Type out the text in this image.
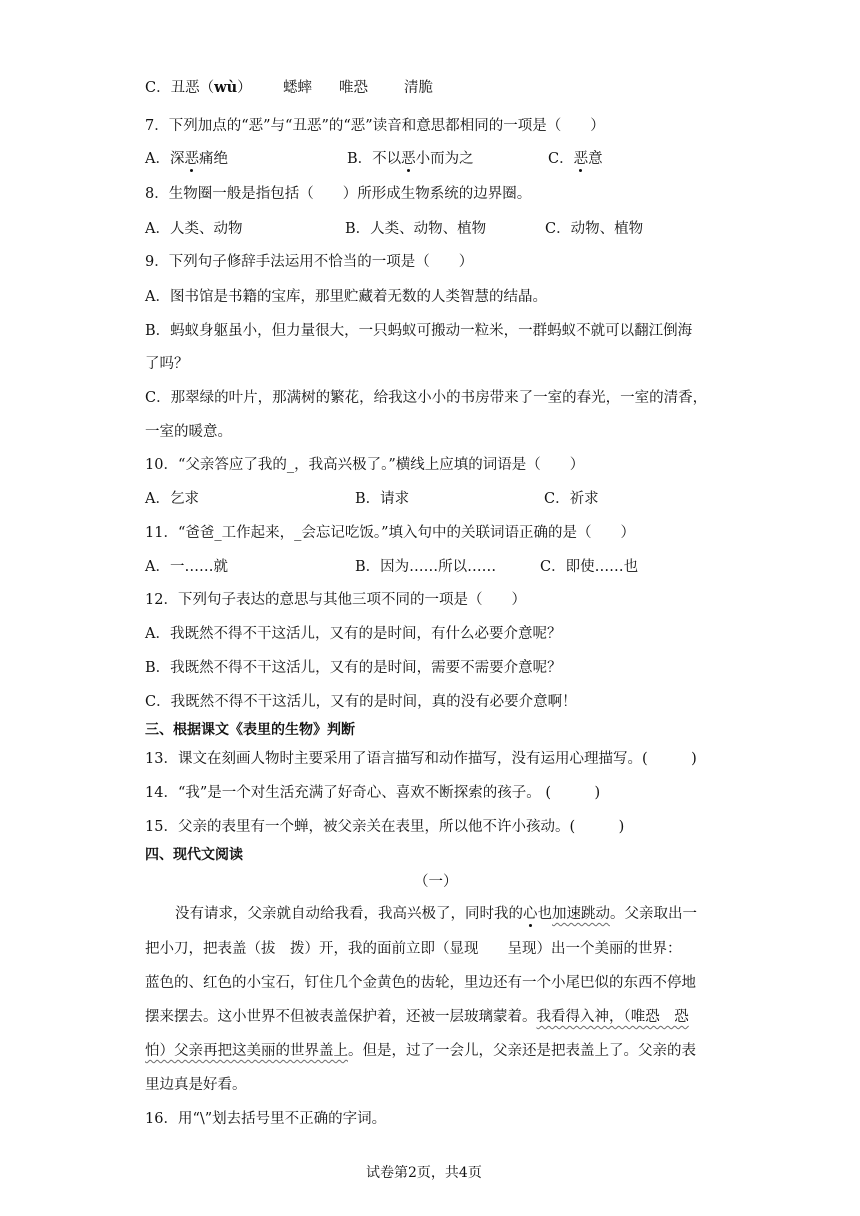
C．丑恶（wù） 蟋蟀 唯恐 清脆
7．下列加点的“恶”与“丑恶”的“恶”读音和意思都相同的一项是（　　）
A．深恶痛绝	B．不以恶小而为之	C．恶意
8．生物圈一般是指包括（　　）所形成生物系统的边界圈。
A．人类、动物	B．人类、动物、植物	C．动物、植物
9．下列句子修辞手法运用不恰当的一项是（　　）
A．图书馆是书籍的宝库，那里贮藏着无数的人类智慧的结晶。
B．蚂蚁身躯虽小，但力量很大，一只蚂蚁可搬动一粒米，一群蚂蚁不就可以翻江倒海
了吗？
C．那翠绿的叶片，那满树的繁花，给我这小小的书房带来了一室的春光，一室的清香，
一室的暖意。
10．“父亲答应了我的_，我高兴极了。”横线上应填的词语是（　　）
A．乞求	B．请求	C．祈求
11．“爸爸_工作起来，_会忘记吃饭。”填入句中的关联词语正确的是（　　）
A．一……就	B．因为……所以……	C．即使……也
12．下列句子表达的意思与其他三项不同的一项是（　　）
A．我既然不得不干这活儿，又有的是时间，有什么必要介意呢？
B．我既然不得不干这活儿，又有的是时间，需要不需要介意呢？
C．我既然不得不干这活儿，又有的是时间，真的没有必要介意啊！
三、根据课文《表里的生物》判断
13．课文在刻画人物时主要采用了语言描写和动作描写，没有运用心理描写。(　　　)
14．“我”是一个对生活充满了好奇心、喜欢不断探索的孩子。 (　　　)
15．父亲的表里有一个蝉，被父亲关在表里，所以他不许小孩动。(　　　)
四、现代文阅读
（一）
没有请求，父亲就自动给我看，我高兴极了，同时我的心也加速跳动。父亲取出一
把小刀，把表盖（拔　拨）开，我的面前立即（显现　　呈现）出一个美丽的世界：
蓝色的、红色的小宝石，钉住几个金黄色的齿轮，里边还有一个小尾巴似的东西不停地
摆来摆去。这小世界不但被表盖保护着，还被一层玻璃蒙着。我看得入神，（唯恐　恐
怕）父亲再把这美丽的世界盖上。但是，过了一会儿，父亲还是把表盖上了。父亲的表
里边真是好看。
16．用“\”划去括号里不正确的字词。
试卷第2页，共4页
